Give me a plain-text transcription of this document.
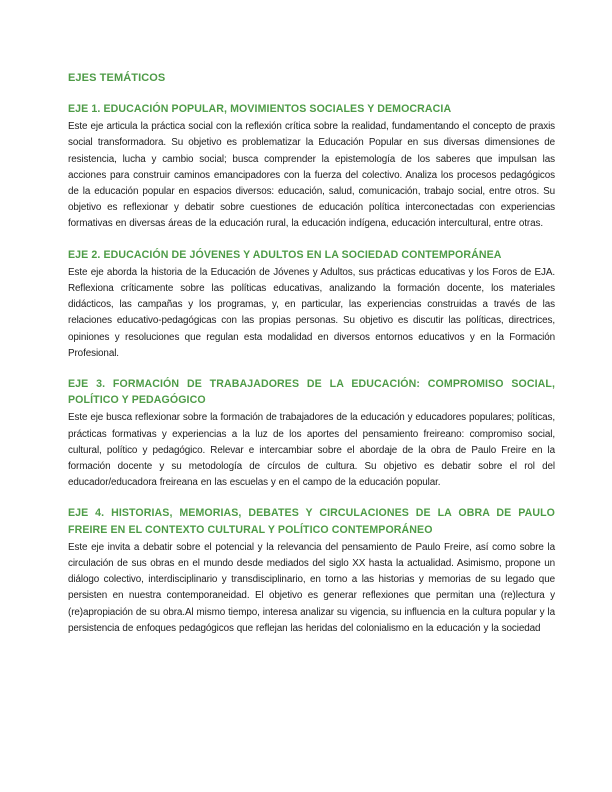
EJES TEMÁTICOS
EJE 1. EDUCACIÓN POPULAR, MOVIMIENTOS SOCIALES Y DEMOCRACIA

Este eje articula la práctica social con la reflexión crítica sobre la realidad, fundamentando el concepto de praxis social transformadora. Su objetivo es problematizar la Educación Popular en sus diversas dimensiones de resistencia, lucha y cambio social; busca comprender la epistemología de los saberes que impulsan las acciones para construir caminos emancipadores con la fuerza del colectivo. Analiza los procesos pedagógicos de la educación popular en espacios diversos: educación, salud, comunicación, trabajo social, entre otros. Su objetivo es reflexionar y debatir sobre cuestiones de educación política interconectadas con experiencias formativas en diversas áreas de la educación rural, la educación indígena, educación intercultural, entre otras.

EJE 2. EDUCACIÓN DE JÓVENES Y ADULTOS EN LA SOCIEDAD CONTEMPORÁNEA

Este eje aborda la historia de la Educación de Jóvenes y Adultos, sus prácticas educativas y los Foros de EJA. Reflexiona críticamente sobre las políticas educativas, analizando la formación docente, los materiales didácticos, las campañas y los programas, y, en particular, las experiencias construidas a través de las relaciones educativo-pedagógicas con las propias personas. Su objetivo es discutir las políticas, directrices, opiniones y resoluciones que regulan esta modalidad en diversos entornos educativos y en la Formación Profesional.

EJE 3. FORMACIÓN DE TRABAJADORES DE LA EDUCACIÓN: COMPROMISO SOCIAL, POLÍTICO Y PEDAGÓGICO

Este eje busca reflexionar sobre la formación de trabajadores de la educación y educadores populares; políticas, prácticas formativas y experiencias a la luz de los aportes del pensamiento freireano: compromiso social, cultural, político y pedagógico. Relevar e intercambiar sobre el abordaje de la obra de Paulo Freire en la formación docente y su metodología de círculos de cultura. Su objetivo es debatir sobre el rol del educador/educadora freireana en las escuelas y en el campo de la educación popular.

EJE 4. HISTORIAS, MEMORIAS, DEBATES Y CIRCULACIONES DE LA OBRA DE PAULO FREIRE EN EL CONTEXTO CULTURAL Y POLÍTICO CONTEMPORÁNEO

Este eje invita a debatir sobre el potencial y la relevancia del pensamiento de Paulo Freire, así como sobre la circulación de sus obras en el mundo desde mediados del siglo XX hasta la actualidad. Asimismo, propone un diálogo colectivo, interdisciplinario y transdisciplinario, en torno a las historias y memorias de su legado que persisten en nuestra contemporaneidad. El objetivo es generar reflexiones que permitan una (re)lectura y (re)apropiación de su obra.Al mismo tiempo, interesa analizar su vigencia, su influencia en la cultura popular y la persistencia de enfoques pedagógicos que reflejan las heridas del colonialismo en la educación y la sociedad
